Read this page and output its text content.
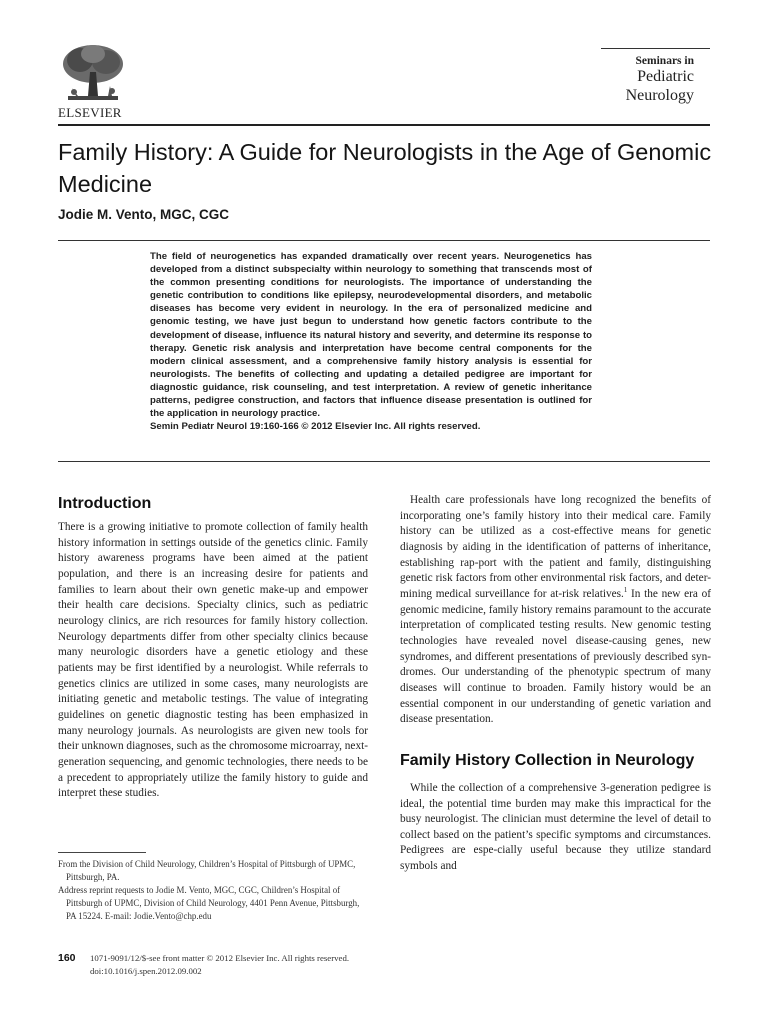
ELSEVIER
Seminars in
Pediatric
Neurology
Family History: A Guide for Neurologists in the Age of Genomic Medicine
Jodie M. Vento, MGC, CGC

The field of neurogenetics has expanded dramatically over recent years. Neurogenetics has developed from a distinct subspecialty within neurology to something that transcends most of the common presenting conditions for neurologists. The importance of understanding the genetic contribution to conditions like epilepsy, neurodevelopmental disorders, and metabolic diseases has become very evident in neurology. In the era of personalized medicine and genomic testing, we have just begun to understand how genetic factors contribute to the development of disease, influence its natural history and severity, and determine its response to therapy. Genetic risk analysis and interpretation have become central components for the modern clinical assessment, and a comprehensive family history analysis is essential for neurologists. The benefits of collecting and updating a detailed pedigree are important for diagnostic guidance, risk counseling, and test interpretation. A review of genetic inheritance patterns, pedigree construction, and factors that influence disease presentation is outlined for the application in neurology practice.
Semin Pediatr Neurol 19:160-166 © 2012 Elsevier Inc. All rights reserved.

Introduction

There is a growing initiative to promote collection of family health history information in settings outside of the genetics clinic. Family history awareness programs have been aimed at the patient population, and there is an increasing desire for patients and families to learn about their own genetic make-up and empower their health care decisions. Specialty clinics, such as pediatric neurology clinics, are rich resources for family history collection. Neurology departments differ from other specialty clinics because many neurologic disorders have a genetic etiology and these patients may be first identified by a neurologist. While referrals to genetics clinics are utilized in some cases, many neurologists are initiating genetic and metabolic testings. The value of integrating guidelines on genetic diagnostic testing has been emphasized in many neurology journals. As neurologists are given new tools for their unknown diagnoses, such as the chromosome microarray, next-generation sequencing, and genomic technologies, there needs to be a precedent to appropriately utilize the family history to guide and interpret these studies.

Health care professionals have long recognized the benefits of incorporating one’s family history into their medical care. Family history can be utilized as a cost-effective means for genetic diagnosis by aiding in the identification of patterns of inheritance, establishing rap-port with the patient and family, distinguishing genetic risk factors from other environmental risk factors, and deter-mining medical surveillance for at-risk relatives.$^1$ In the new era of genomic medicine, family history remains paramount to the accurate interpretation of complicated testing results. New genomic testing technologies have revealed novel disease-causing genes, new syndromes, and different presentations of previously described syn-dromes. Our understanding of the phenotypic spectrum of many diseases will continue to broaden. Family history would be an essential component in our understanding of genetic variation and disease presentation.

Family History Collection in Neurology

While the collection of a comprehensive 3-generation pedigree is ideal, the potential time burden may make this impractical for the busy neurologist. The clinician must determine the level of detail to collect based on the patient’s specific symptoms and circumstances. Pedigrees are espe-cially useful because they utilize standard symbols and

From the Division of Child Neurology, Children’s Hospital of Pittsburgh of UPMC, Pittsburgh, PA.

Address reprint requests to Jodie M. Vento, MGC, CGC, Children’s Hospital of Pittsburgh of UPMC, Division of Child Neurology, 4401 Penn Avenue, Pittsburgh, PA 15224. E-mail: Jodie.Vento@chp.edu

160 1071-9091/12/$-see front matter © 2012 Elsevier Inc. All rights reserved.
doi:10.1016/j.spen.2012.09.002
